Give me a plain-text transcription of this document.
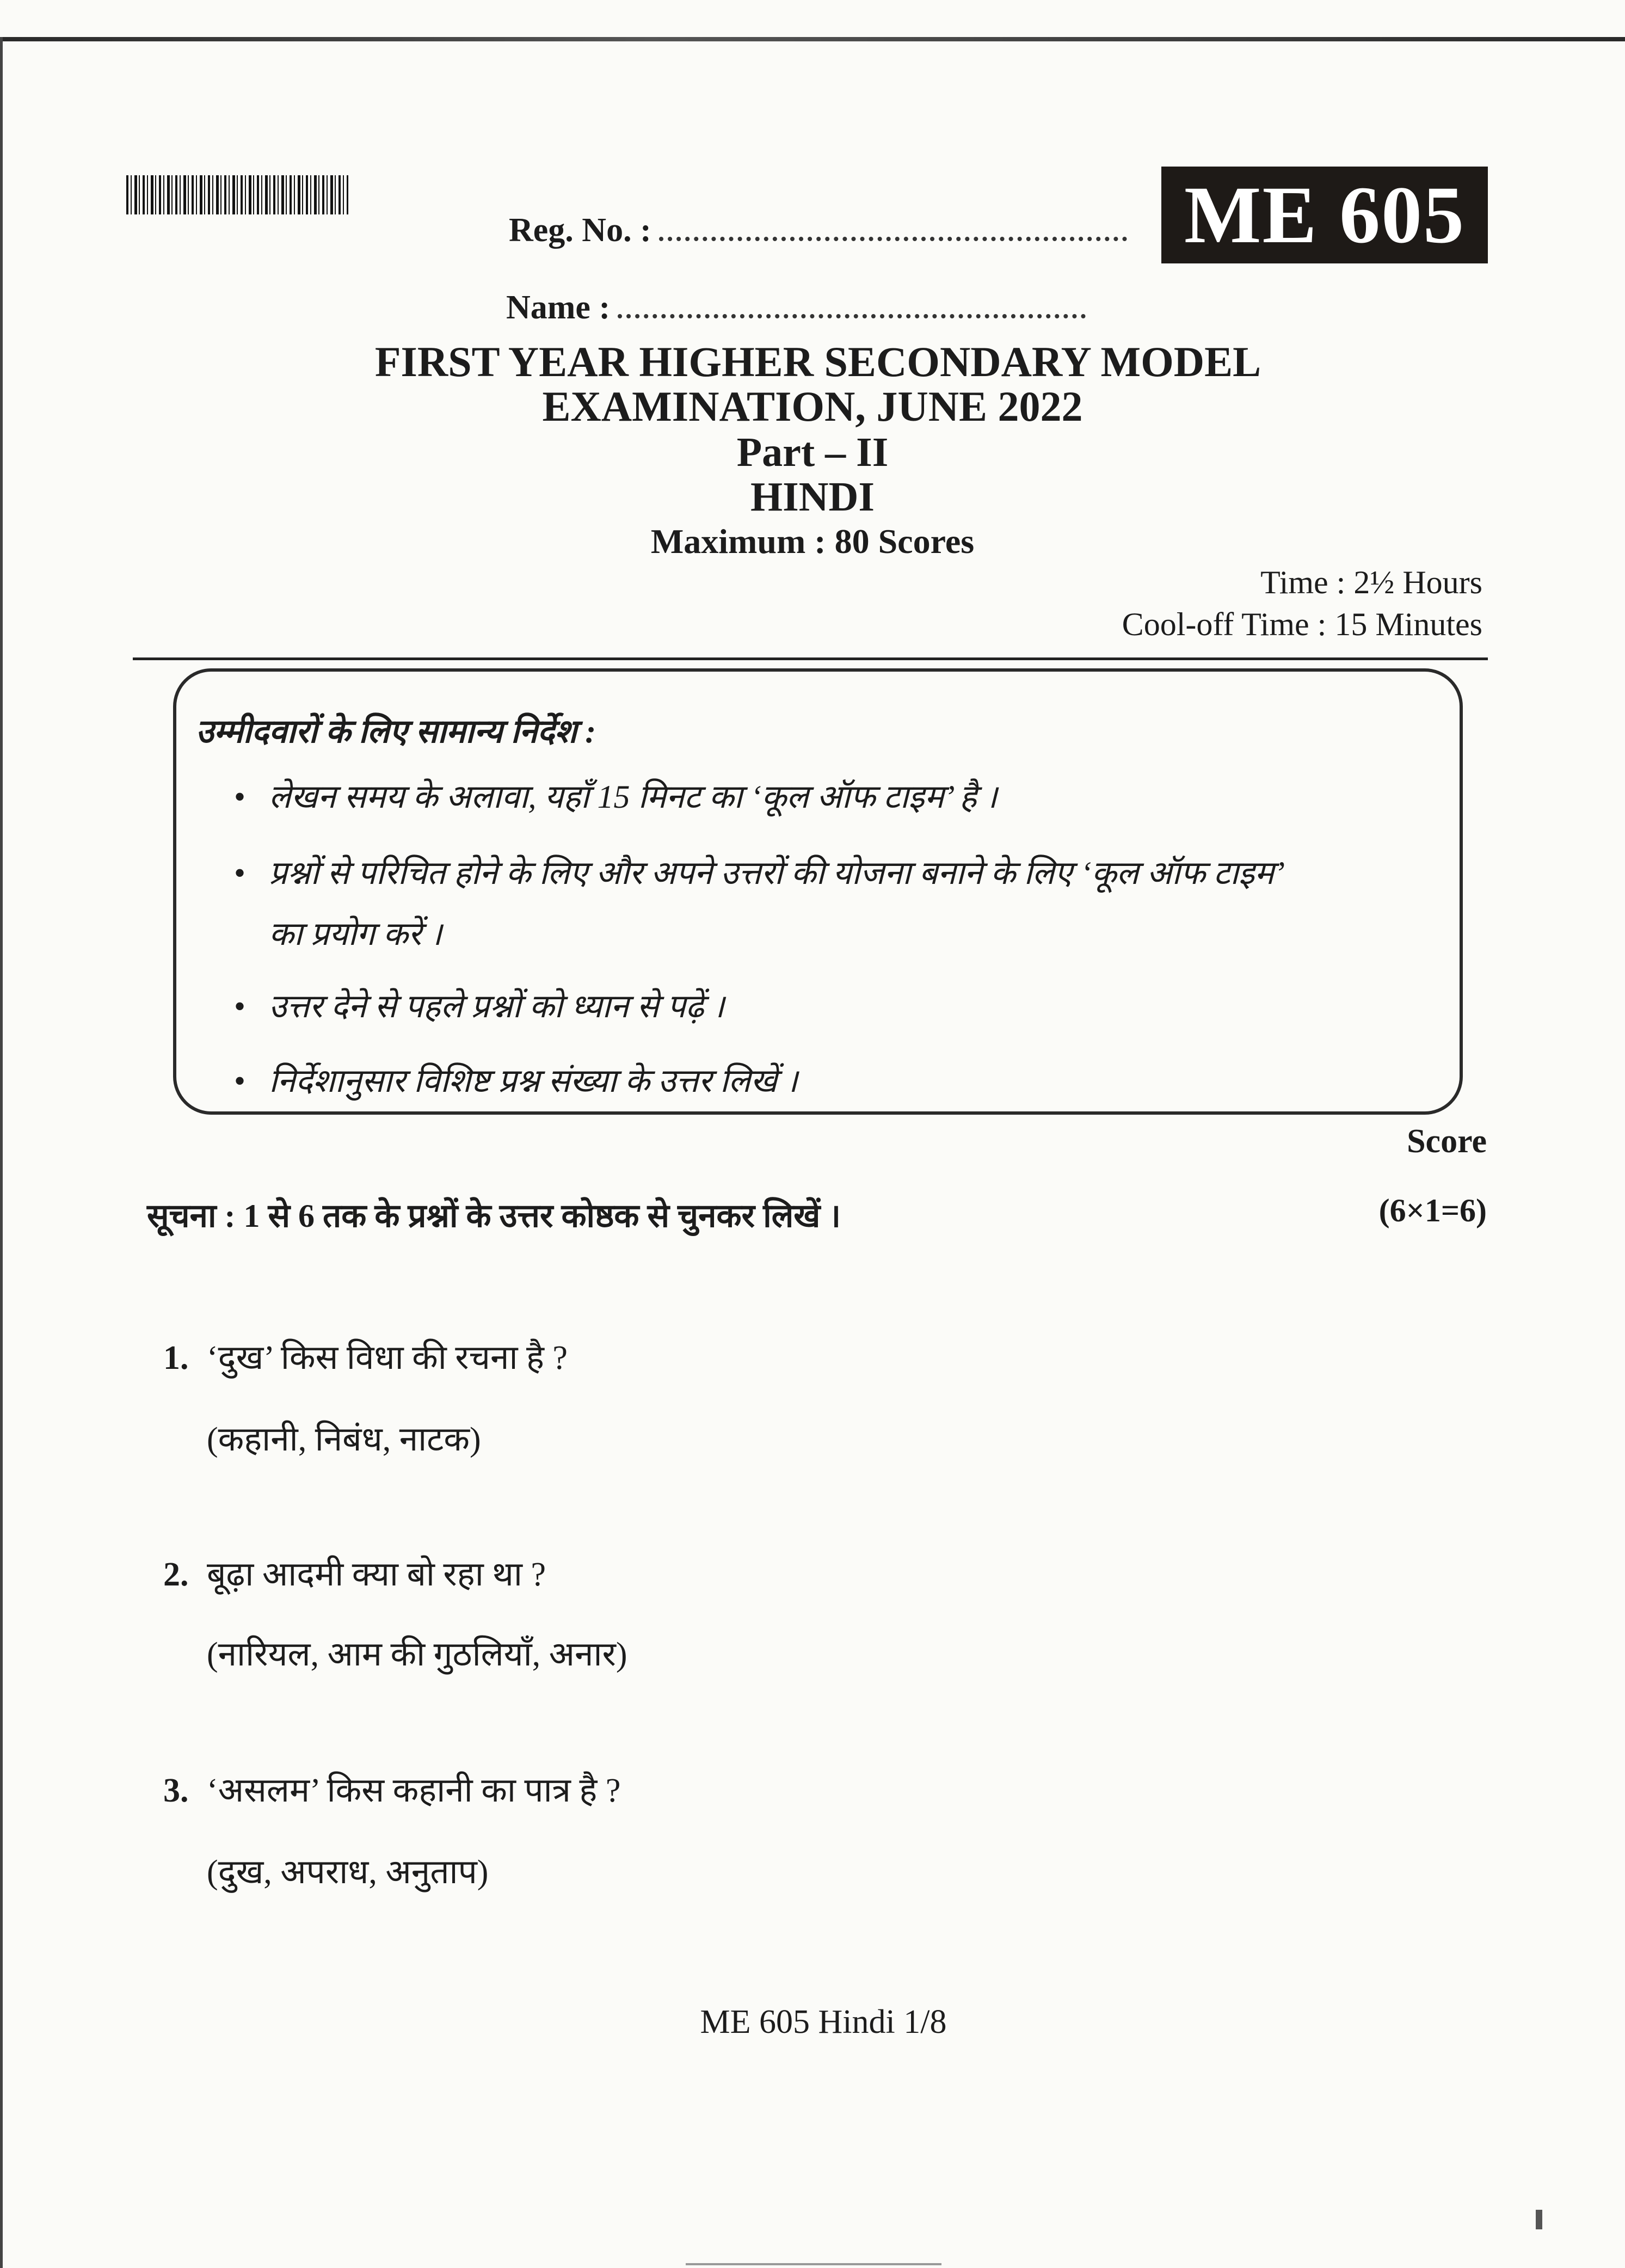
ME 605
Reg. No. :
Name :
FIRST YEAR HIGHER SECONDARY MODEL
EXAMINATION, JUNE 2022
Part – II
HINDI
Maximum : 80 Scores
Time : 2½ Hours
Cool-off Time : 15 Minutes
उम्मीदवारों के लिए सामान्य निर्देश :
• लेखन समय के अलावा, यहाँ 15 मिनट का ‘कूल ऑफ टाइम’ है ।
• प्रश्नों से परिचित होने के लिए और अपने उत्तरों की योजना बनाने के लिए ‘कूल ऑफ टाइम’
का प्रयोग करें ।
• उत्तर देने से पहले प्रश्नों को ध्यान से पढ़ें ।
• निर्देशानुसार विशिष्ट प्रश्न संख्या के उत्तर लिखें ।
Score
सूचना : 1 से 6 तक के प्रश्नों के उत्तर कोष्ठक से चुनकर लिखें ।	(6×1=6)
1. ‘दुख’ किस विधा की रचना है ?
(कहानी, निबंध, नाटक)
2. बूढ़ा आदमी क्या बो रहा था ?
(नारियल, आम की गुठलियाँ, अनार)
3. ‘असलम’ किस कहानी का पात्र है ?
(दुख, अपराध, अनुताप)
ME 605 Hindi 1/8
